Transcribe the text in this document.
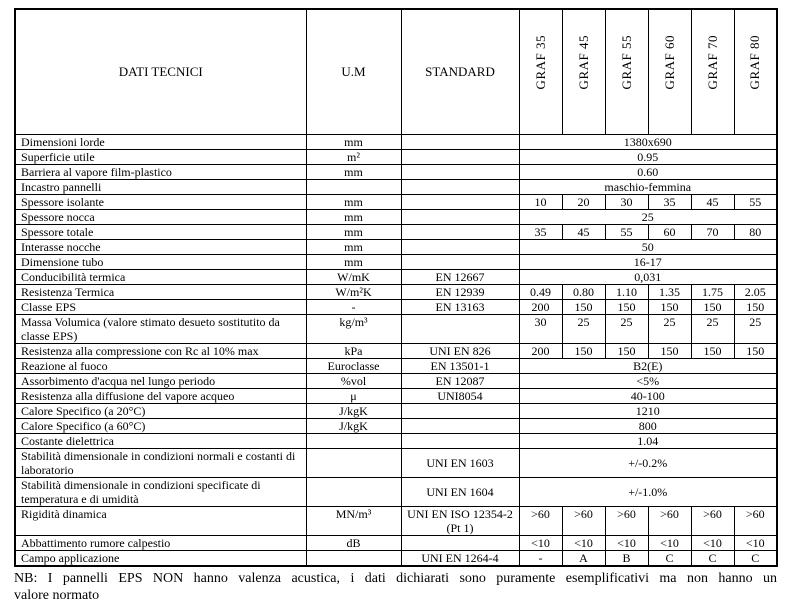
DATI TECNICI	U.M	STANDARD	GRAF 35	GRAF 45	GRAF 55	GRAF 60	GRAF 70	GRAF 80
Dimensioni lorde	mm		1380x690					
Superficie utile	m²		0.95					
Barriera al vapore film-plastico	mm		0.60					
Incastro pannelli			maschio-femmina					
Spessore isolante	mm		10	20	30	35	45	55
Spessore nocca	mm		25					
Spessore totale	mm		35	45	55	60	70	80
Interasse nocche	mm		50					
Dimensione tubo	mm		16-17					
Conducibilità termica	W/mK	EN 12667	0,031					
Resistenza Termica	W/m²K	EN 12939	0.49	0.80	1.10	1.35	1.75	2.05
Classe EPS	-	EN 13163	200	150	150	150	150	150
Massa Volumica (valore stimato desueto sostitutito da classe EPS)	kg/m³		30	25	25	25	25	25
Resistenza alla compressione con Rc al 10% max	kPa	UNI EN 826	200	150	150	150	150	150
Reazione al fuoco	Euroclasse	EN 13501-1	B2(E)					
Assorbimento d'acqua nel lungo periodo	%vol	EN 12087	<5%					
Resistenza alla diffusione del vapore acqueo	μ	UNI8054	40-100					
Calore Specifico (a 20°C)	J/kgK		1210					
Calore Specifico (a 60°C)	J/kgK		800					
Costante dielettrica			1.04					
Stabilità dimensionale in condizioni normali e costanti di laboratorio		UNI EN 1603	+/-0.2%					
Stabilità dimensionale in condizioni specificate di temperatura e di umidità		UNI EN 1604	+/-1.0%					
Rigidità dinamica	MN/m³	UNI EN ISO 12354-2 (Pt 1)	>60	>60	>60	>60	>60	>60
Abbattimento rumore calpestio	dB		<10	<10	<10	<10	<10	<10
Campo applicazione		UNI EN 1264-4	-	A	B	C	C	C
NB: I pannelli EPS NON hanno valenza acustica, i dati dichiarati sono puramente esemplificativi ma non hanno un
valore normato
